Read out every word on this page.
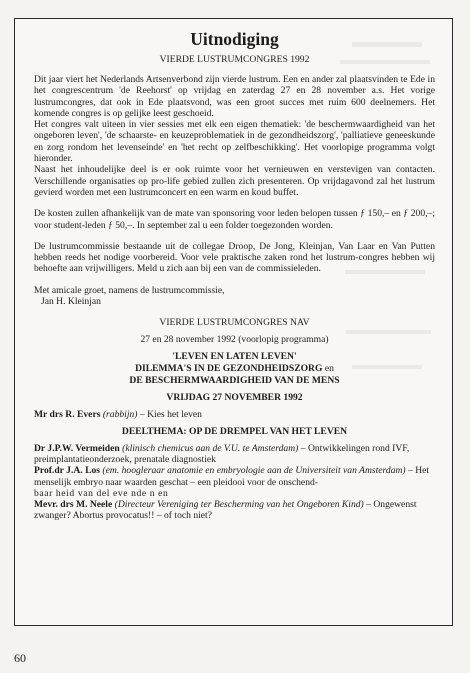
Uitnodiging
VIERDE LUSTRUMCONGRES 1992

Dit jaar viert het Nederlands Artsenverbond zijn vierde lustrum. Een en ander zal plaatsvinden te Ede in het congrescentrum 'de Reehorst' op vrijdag en zaterdag 27 en 28 november a.s. Het vorige lustrumcongres, dat ook in Ede plaatsvond, was een groot succes met ruim 600 deelnemers. Het komende congres is op gelijke leest geschoeid.

Het congres valt uiteen in vier sessies met elk een eigen thematiek: 'de beschermwaardigheid van het ongeboren leven', 'de schaarste- en keuzeproblematiek in de gezondheidszorg', 'palliatieve geneeskunde en zorg rondom het levenseinde' en 'het recht op zelfbeschikking'. Het voorlopige programma volgt hieronder.

Naast het inhoudelijke deel is er ook ruimte voor het vernieuwen en verstevigen van contacten. Verschillende organisaties op pro-life gebied zullen zich presenteren. Op vrijdagavond zal het lustrum gevierd worden met een lustrumconcert en een warm en koud buffet.

De kosten zullen afhankelijk van de mate van sponsoring voor leden belopen tussen ƒ 150,– en ƒ 200,–; voor student-leden ƒ 50,–. In september zal u een folder toegezonden worden.

De lustrumcommissie bestaande uit de collegae Droop, De Jong, Kleinjan, Van Laar en Van Putten hebben reeds het nodige voorbereid. Voor vele praktische zaken rond het lustrum-congres hebben wij behoefte aan vrijwilligers. Meld u zich aan bij een van de commissieleden.

Met amicale groet, namens de lustrumcommissie,

Jan H. Kleinjan

VIERDE LUSTRUMCONGRES NAV
27 en 28 november 1992 (voorlopig programma)
'LEVEN EN LATEN LEVEN'
DILEMMA'S IN DE GEZONDHEIDSZORG en
DE BESCHERMWAARDIGHEID VAN DE MENS
VRIJDAG 27 NOVEMBER 1992
Mr drs R. Evers (rabbijn) – Kies het leven
DEELTHEMA: OP DE DREMPEL VAN HET LEVEN
Dr J.P.W. Vermeiden (klinisch chemicus aan de V.U. te Amsterdam) – Ontwikkelingen rond IVF, preimplantatieonderzoek, prenatale diagnostiek
Prof.dr J.A. Los (em. hoogleraar anatomie en embryologie aan de Universiteit van Amsterdam) – Het menselijk embryo naar waarden geschat – een pleidooi voor de onschend-
baar heid van del eve nde n en
Mevr. drs M. Neele (Directeur Vereniging ter Bescherming van het Ongeboren Kind) – Ongewenst zwanger? Abortus provocatus!! – of toch niet?
60
